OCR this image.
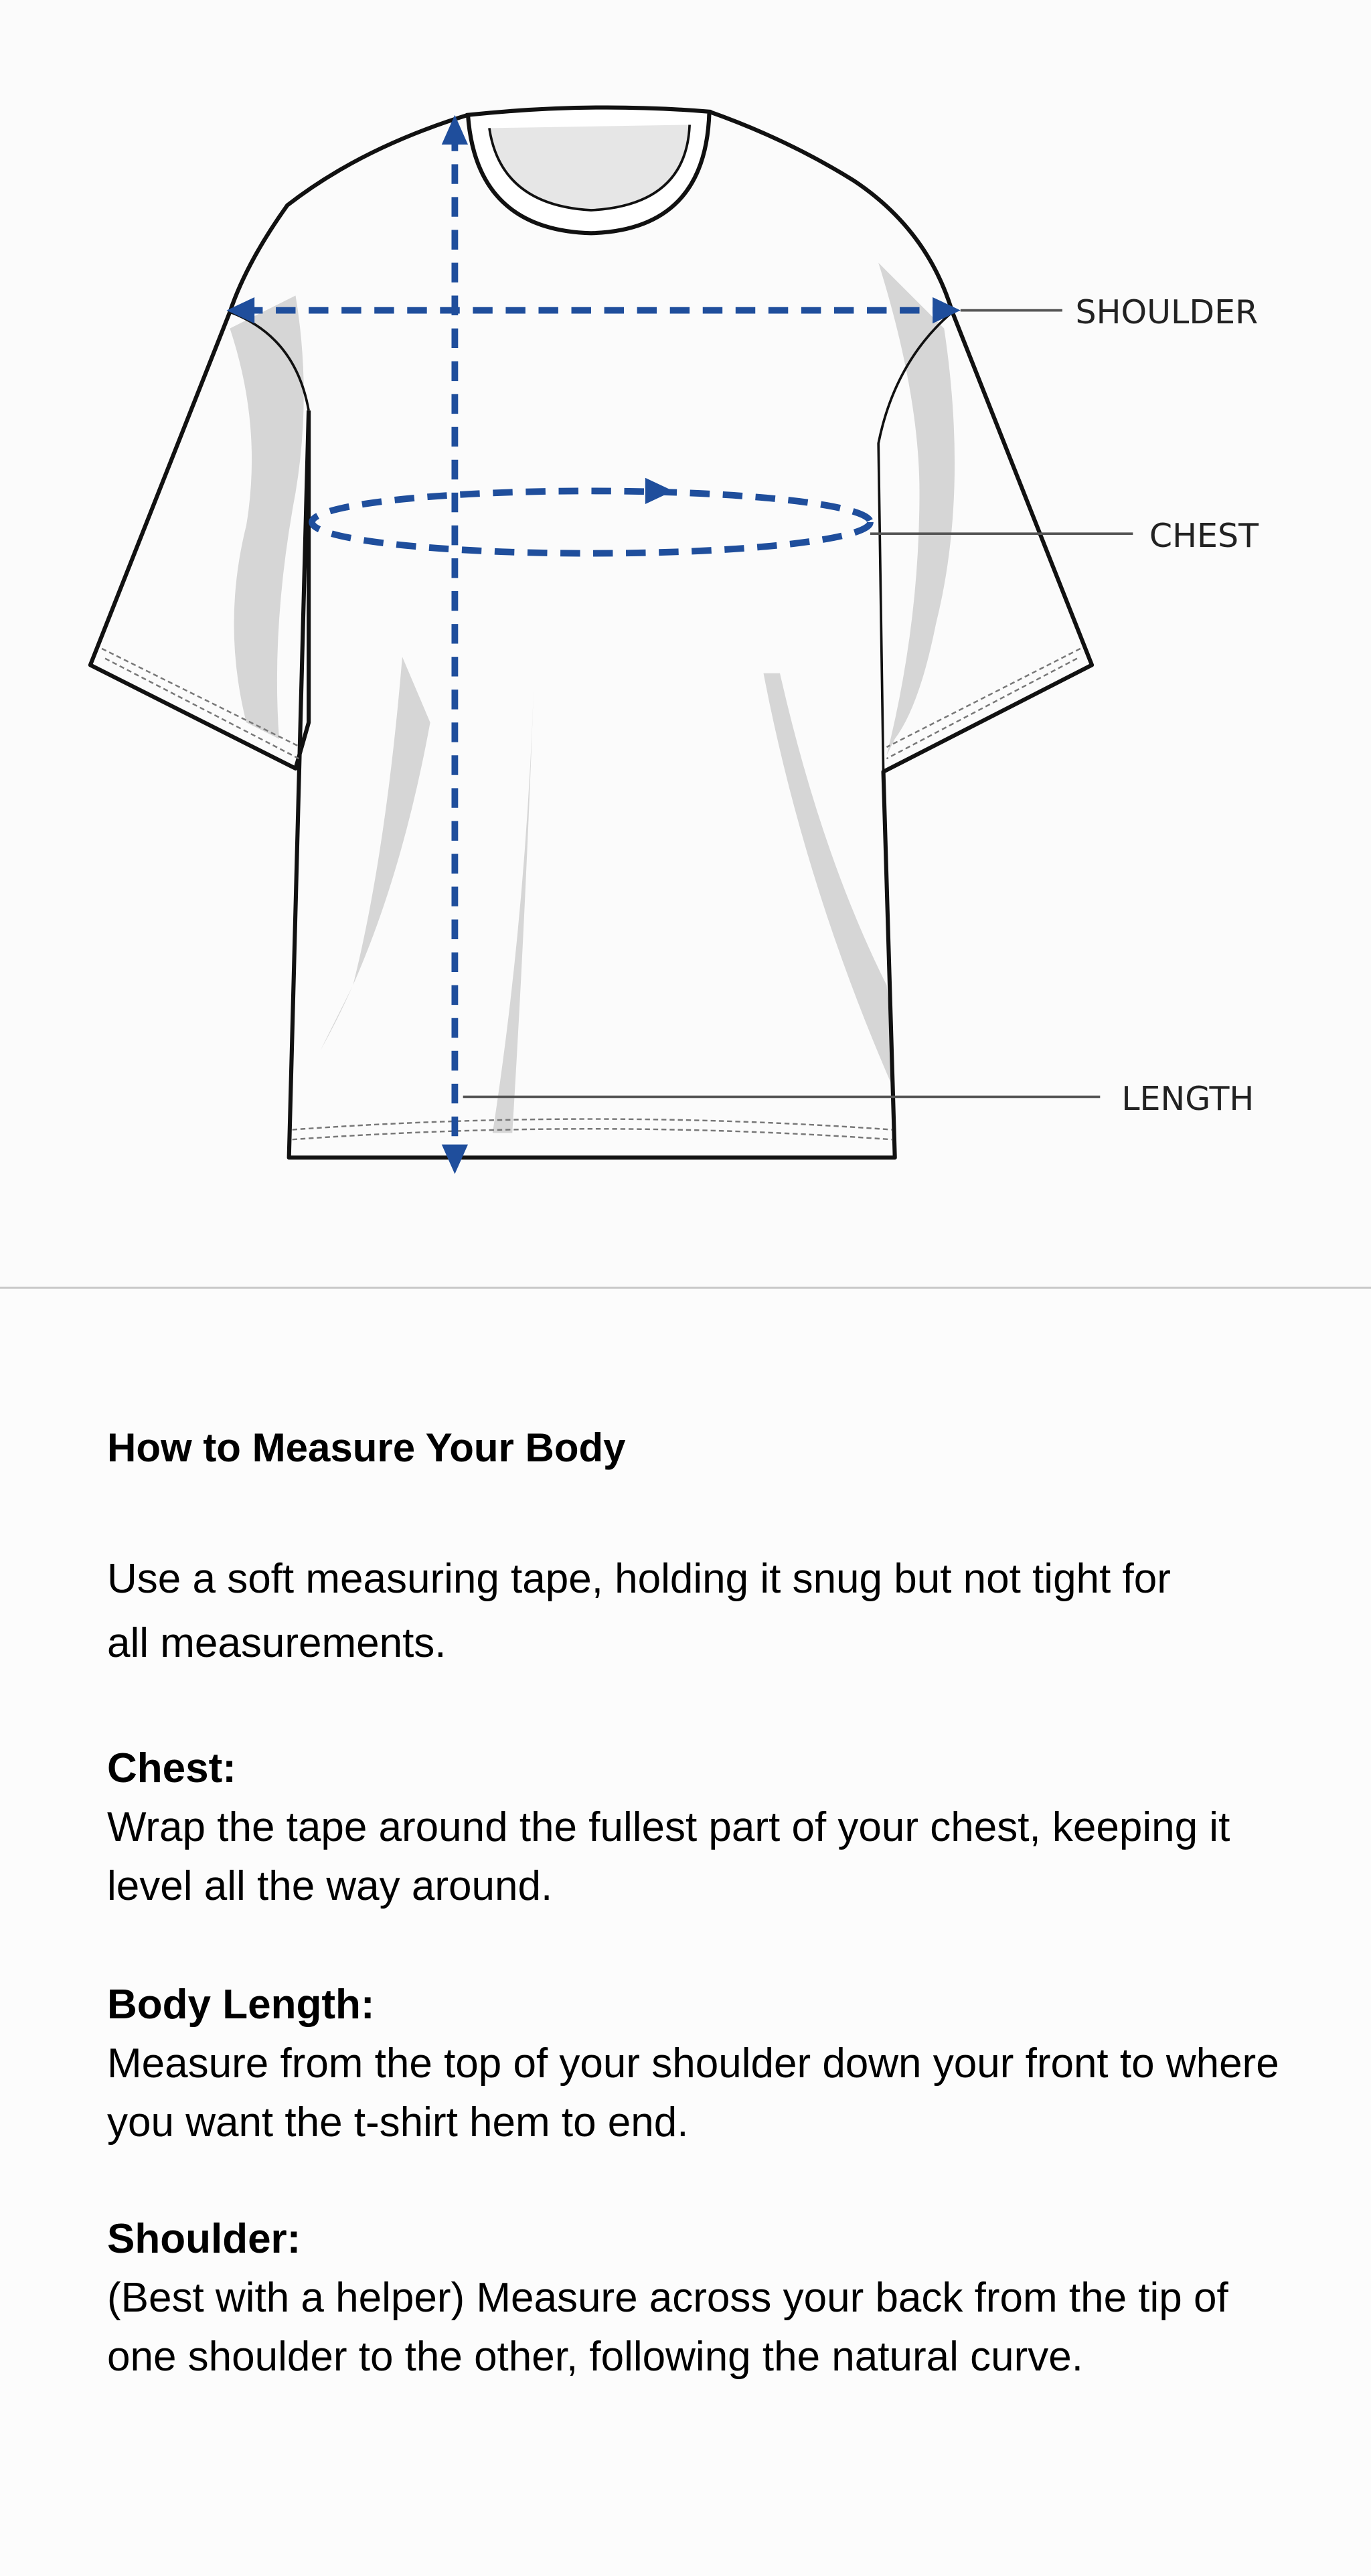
SHOULDER
CHEST
LENGTH
How to Measure Your Body
Use a soft measuring tape, holding it snug but not tight for all measurements.
Chest:
Wrap the tape around the fullest part of your chest, keeping it level all the way around.
Body Length:
Measure from the top of your shoulder down your front to where you want the t-shirt hem to end.
Shoulder:
(Best with a helper) Measure across your back from the tip of one shoulder to the other, following the natural curve.
